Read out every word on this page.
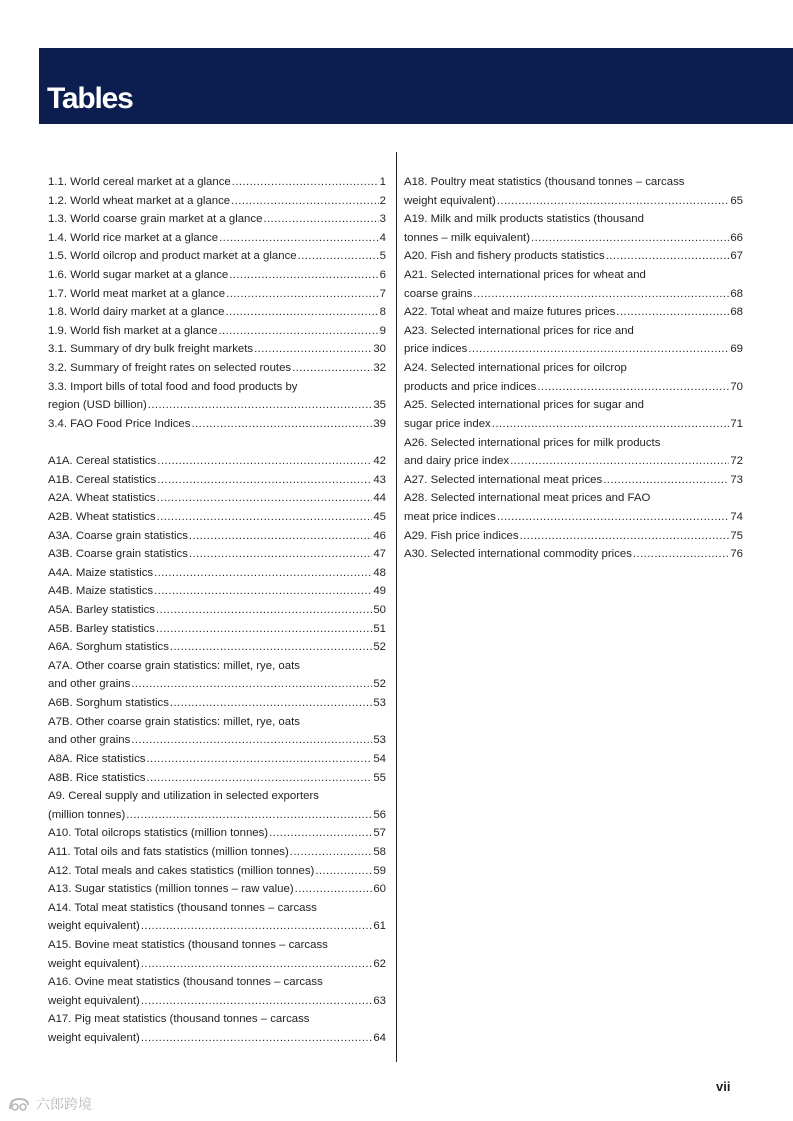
Tables
1.1. World cereal market at a glance .....	1
1.2. World wheat market at a glance .....	2
1.3. World coarse grain market at a glance .....	3
1.4. World rice market at a glance .....	4
1.5. World oilcrop and product market at a glance .....	5
1.6. World sugar market at a glance .....	6
1.7. World meat market at a glance .....	7
1.8. World dairy market at a glance .....	8
1.9. World fish market at a glance .....	9
3.1. Summary of dry bulk freight markets .....	30
3.2. Summary of freight rates on selected routes .....	32
3.3. Import bills of total food and food products by
region (USD billion) .....	35
3.4. FAO Food Price Indices .....	39
A1A. Cereal statistics .....	42
A1B. Cereal statistics .....	43
A2A. Wheat statistics .....	44
A2B. Wheat statistics .....	45
A3A. Coarse grain statistics .....	46
A3B. Coarse grain statistics .....	47
A4A. Maize statistics .....	48
A4B. Maize statistics .....	49
A5A. Barley statistics .....	50
A5B. Barley statistics .....	51
A6A. Sorghum statistics .....	52
A7A. Other coarse grain statistics: millet, rye, oats
and other grains .....	52
A6B. Sorghum statistics .....	53
A7B. Other coarse grain statistics: millet, rye, oats
and other grains .....	53
A8A. Rice statistics .....	54
A8B. Rice statistics .....	55
A9. Cereal supply and utilization in selected exporters
(million tonnes) .....	56
A10. Total oilcrops statistics (million tonnes) .....	57
A11. Total oils and fats statistics (million tonnes) .....	58
A12. Total meals and cakes statistics (million tonnes) .....	59
A13. Sugar statistics (million tonnes – raw value) .....	60
A14. Total meat statistics (thousand tonnes – carcass
weight equivalent) .....	61
A15. Bovine meat statistics (thousand tonnes – carcass
weight equivalent) .....	62
A16. Ovine meat statistics (thousand tonnes – carcass
weight equivalent) .....	63
A17. Pig meat statistics (thousand tonnes – carcass
weight equivalent) .....	64
A18. Poultry meat statistics (thousand tonnes – carcass
weight equivalent) .....	65
A19. Milk and milk products statistics (thousand
tonnes – milk equivalent) .....	66
A20. Fish and fishery products statistics .....	67
A21. Selected international prices for wheat and
coarse grains .....	68
A22. Total wheat and maize futures prices .....	68
A23. Selected international prices for rice and
price indices .....	69
A24. Selected international prices for oilcrop
products and price indices .....	70
A25. Selected international prices for sugar and
sugar price index .....	71
A26. Selected international prices for milk products
and dairy price index .....	72
A27. Selected international meat prices .....	73
A28. Selected international meat prices and FAO
meat price indices .....	74
A29. Fish price indices .....	75
A30. Selected international commodity prices .....	76
vii
六郎跨境
